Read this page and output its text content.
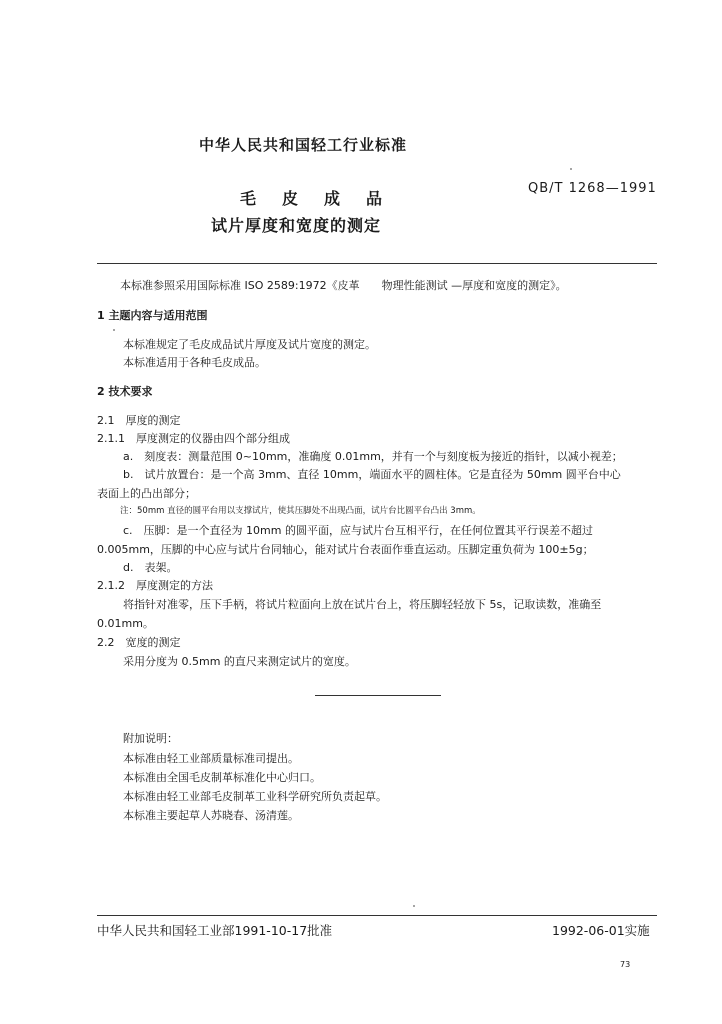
中华人民共和国轻工行业标准
毛皮成品
QB/T 1268—1991
试片厚度和宽度的测定
本标准参照采用国际标准 ISO 2589:1972《皮革　　物理性能测试 —厚度和宽度的测定》。
1 主题内容与适用范围
本标准规定了毛皮成品试片厚度及试片宽度的测定。
本标准适用于各种毛皮成品。
2 技术要求
2.1　厚度的测定
2.1.1　厚度测定的仪器由四个部分组成
a.　刻度表：测量范围 0~10mm，准确度 0.01mm，并有一个与刻度板为接近的指针，以减小视差；
b.　试片放置台：是一个高 3mm、直径 10mm，端面水平的圆柱体。它是直径为 50mm 圆平台中心
表面上的凸出部分；
注：50mm 直径的圆平台用以支撑试片，使其压脚处不出现凸面，试片台比圆平台凸出 3mm。
c.　压脚：是一个直径为 10mm 的圆平面，应与试片台互相平行，在任何位置其平行误差不超过
0.005mm，压脚的中心应与试片台同轴心，能对试片台表面作垂直运动。压脚定重负荷为 100±5g；
d.　表架。
2.1.2　厚度测定的方法
将指针对准零，压下手柄，将试片粒面向上放在试片台上，将压脚轻轻放下 5s，记取读数，准确至
0.01mm。
2.2　宽度的测定
采用分度为 0.5mm 的直尺来测定试片的宽度。
附加说明：
本标准由轻工业部质量标准司提出。
本标准由全国毛皮制革标准化中心归口。
本标准由轻工业部毛皮制革工业科学研究所负责起草。
本标准主要起草人苏晓春、汤清莲。
中华人民共和国轻工业部1991-10-17批准	1992-06-01实施
73
